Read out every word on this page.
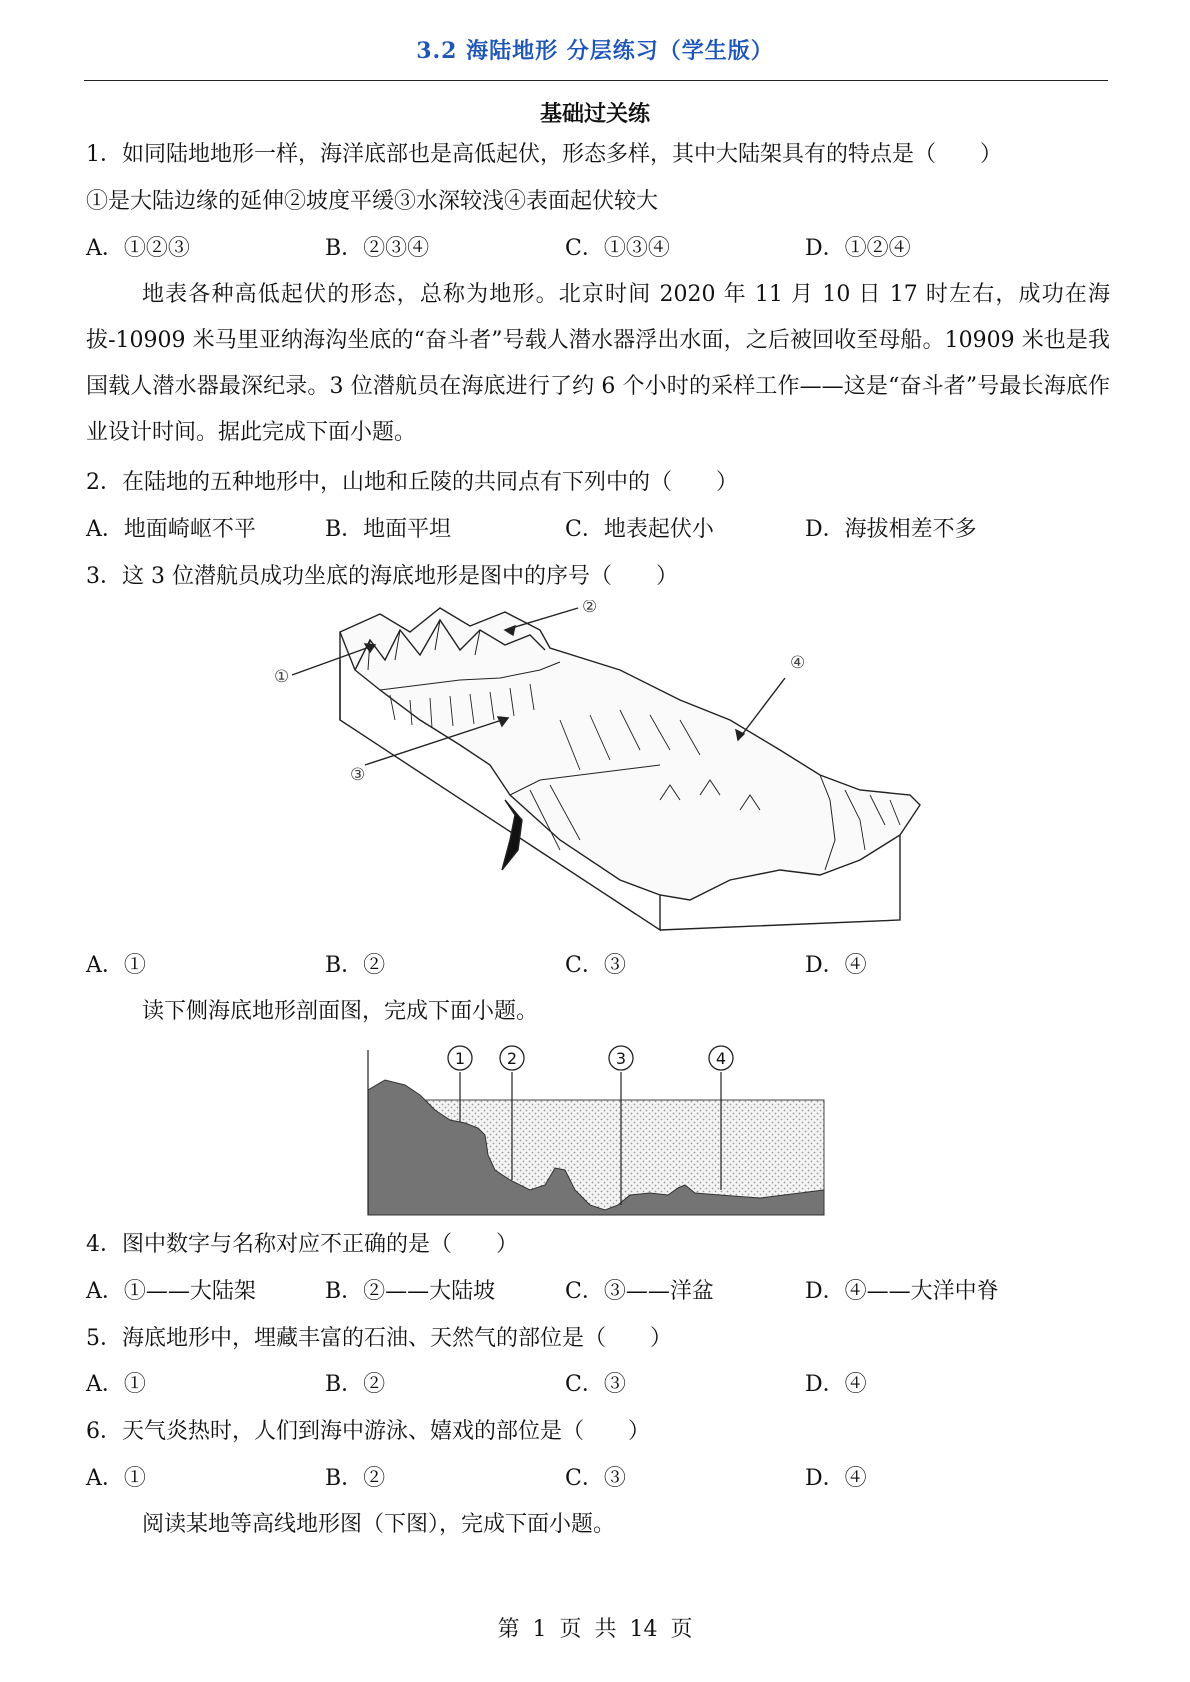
3.2 海陆地形 分层练习（学生版）
基础过关练
1．如同陆地地形一样，海洋底部也是高低起伏，形态多样，其中大陆架具有的特点是（　　）
①是大陆边缘的延伸②坡度平缓③水深较浅④表面起伏较大
A．①②③	B．②③④	C．①③④	D．①②④
地表各种高低起伏的形态，总称为地形。北京时间 2020 年 11 月 10 日 17 时左右，成功在海拔-10909 米马里亚纳海沟坐底的“奋斗者”号载人潜水器浮出水面，之后被回收至母船。10909 米也是我国载人潜水器最深纪录。3 位潜航员在海底进行了约 6 个小时的采样工作——这是“奋斗者”号最长海底作业设计时间。据此完成下面小题。
2．在陆地的五种地形中，山地和丘陵的共同点有下列中的（　　）
A．地面崎岖不平	B．地面平坦	C．地表起伏小	D．海拔相差不多
3．这 3 位潜航员成功坐底的海底地形是图中的序号（　　）
①
②
③
④
A．①	B．②	C．③	D．④
读下侧海底地形剖面图，完成下面小题。
1	2	3	4
4．图中数字与名称对应不正确的是（　　）
A．①——大陆架	B．②——大陆坡	C．③——洋盆	D．④——大洋中脊
5．海底地形中，埋藏丰富的石油、天然气的部位是（　　）
A．①	B．②	C．③	D．④
6．天气炎热时，人们到海中游泳、嬉戏的部位是（　　）
A．①	B．②	C．③	D．④
阅读某地等高线地形图（下图），完成下面小题。
第 1 页 共 14 页
